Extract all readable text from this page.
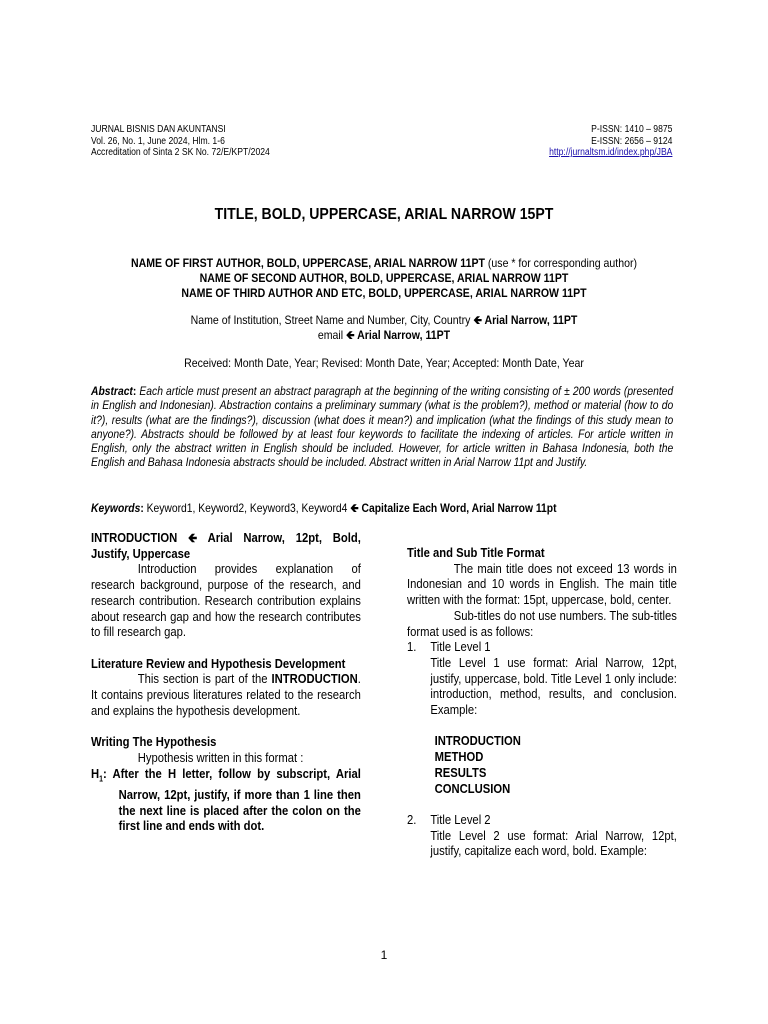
JURNAL BISNIS DAN AKUNTANSI
Vol. 26, No. 1, June 2024, Hlm. 1-6
Accreditation of Sinta 2 SK No. 72/E/KPT/2024
P-ISSN: 1410 – 9875
E-ISSN: 2656 – 9124
http://jurnaltsm.id/index.php/JBA
TITLE, BOLD, UPPERCASE, ARIAL NARROW 15PT
NAME OF FIRST AUTHOR, BOLD, UPPERCASE, ARIAL NARROW 11PT (use * for corresponding author)
NAME OF SECOND AUTHOR, BOLD, UPPERCASE, ARIAL NARROW 11PT
NAME OF THIRD AUTHOR AND ETC, BOLD, UPPERCASE, ARIAL NARROW 11PT
Name of Institution, Street Name and Number, City, Country 🡸 Arial Narrow, 11PT
email 🡸 Arial Narrow, 11PT
Received: Month Date, Year; Revised: Month Date, Year; Accepted: Month Date, Year
Abstract: Each article must present an abstract paragraph at the beginning of the writing consisting of ± 200 words (presented in English and Indonesian). Abstraction contains a preliminary summary (what is the problem?), method or material (how to do it?), results (what are the findings?), discussion (what does it mean?) and implication (what the findings of this study mean to anyone?). Abstracts should be followed by at least four keywords to facilitate the indexing of articles. For article written in English, only the abstract written in English should be included. However, for article written in Bahasa Indonesia, both the English and Bahasa Indonesia abstracts should be included. Abstract written in Arial Narrow 11pt and Justify.
Keywords: Keyword1, Keyword2, Keyword3, Keyword4 🡸 Capitalize Each Word, Arial Narrow 11pt

INTRODUCTION 🡸 Arial Narrow, 12pt, Bold, Justify, Uppercase

Introduction provides explanation of research background, purpose of the research, and research contribution. Research contribution explains about research gap and how the research contributes to fill research gap.

Literature Review and Hypothesis Development

This section is part of the INTRODUCTION. It contains previous literatures related to the research and explains the hypothesis development.

Writing The Hypothesis

Hypothesis written in this format :

$H_1$: After the H letter, follow by subscript, Arial Narrow, 12pt, justify, if more than 1 line then the next line is placed after the colon on the first line and ends with dot.

Title and Sub Title Format

The main title does not exceed 13 words in Indonesian and 10 words in English. The main title written with the format: 15pt, uppercase, bold, center.

Sub-titles do not use numbers. The sub-titles format used is as follows:

1. Title Level 1

Title Level 1 use format: Arial Narrow, 12pt, justify, uppercase, bold. Title Level 1 only include: introduction, method, results, and conclusion. Example:

INTRODUCTION

METHOD

RESULTS

CONCLUSION

2. Title Level 2

Title Level 2 use format: Arial Narrow, 12pt, justify, capitalize each word, bold. Example:

1
